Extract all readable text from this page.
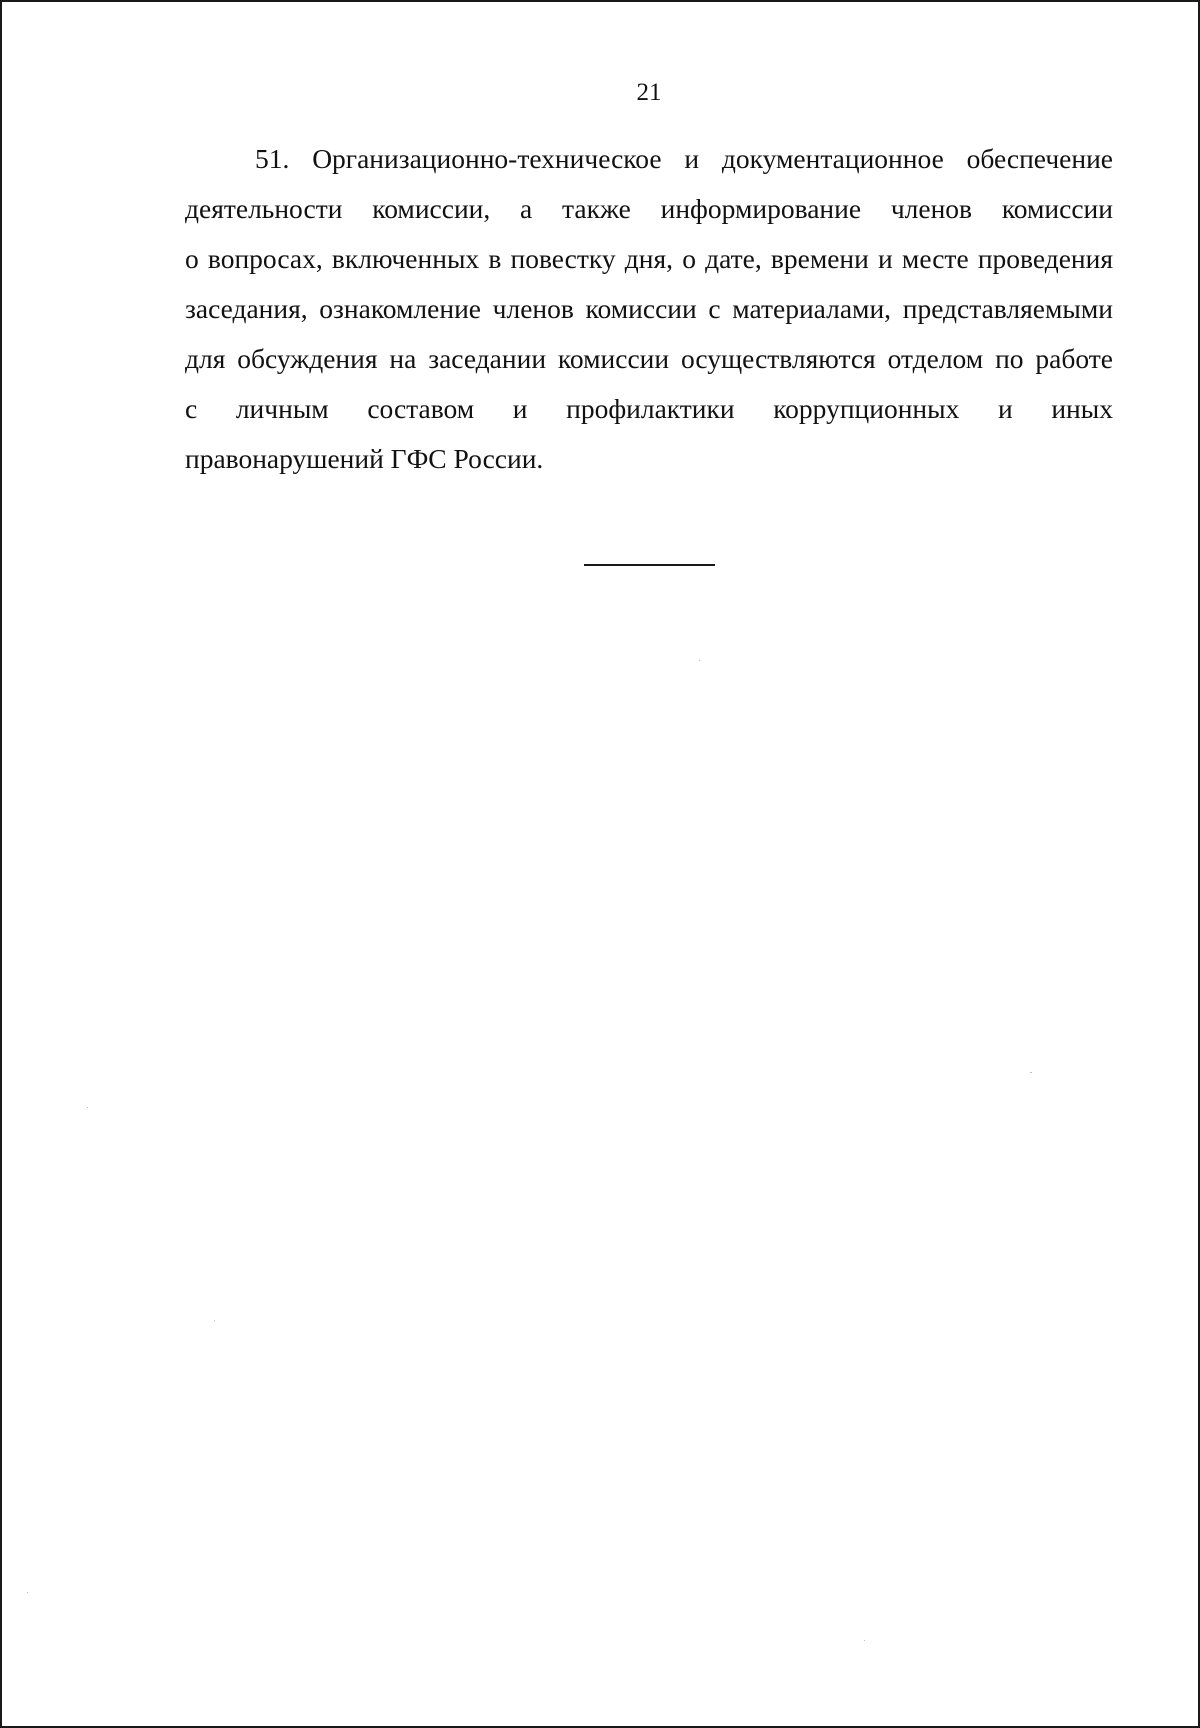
21
51. Организационно-техническое и документационное обеспечение
деятельности комиссии, а также информирование членов комиссии
о вопросах, включенных в повестку дня, о дате, времени и месте проведения
заседания, ознакомление членов комиссии с материалами, представляемыми
для обсуждения на заседании комиссии осуществляются отделом по работе
с личным составом и профилактики коррупционных и иных
правонарушений ГФС России.
